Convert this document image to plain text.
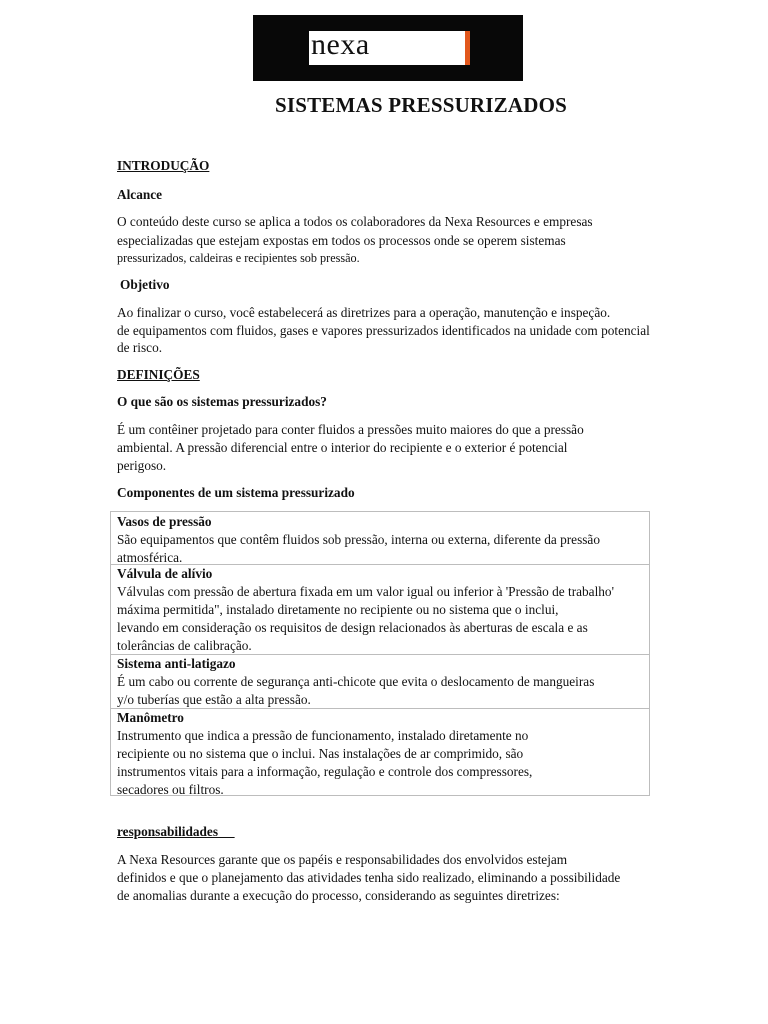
nexa
SISTEMAS PRESSURIZADOS
INTRODUÇÃO
Alcance
O conteúdo deste curso se aplica a todos os colaboradores da Nexa Resources e empresas
especializadas que estejam expostas em todos os processos onde se operem sistemas
pressurizados, caldeiras e recipientes sob pressão.
Objetivo
Ao finalizar o curso, você estabelecerá as diretrizes para a operação, manutenção e inspeção.
de equipamentos com fluidos, gases e vapores pressurizados identificados na unidade com potencial
de risco.
DEFINIÇÕES
O que são os sistemas pressurizados?
É um contêiner projetado para conter fluidos a pressões muito maiores do que a pressão
ambiental. A pressão diferencial entre o interior do recipiente e o exterior é potencial
perigoso.
Componentes de um sistema pressurizado
responsabilidades
A Nexa Resources garante que os papéis e responsabilidades dos envolvidos estejam
definidos e que o planejamento das atividades tenha sido realizado, eliminando a possibilidade
de anomalias durante a execução do processo, considerando as seguintes diretrizes:
Vasos de pressão
São equipamentos que contêm fluidos sob pressão, interna ou externa, diferente da pressão
atmosférica.
Válvula de alívio
Válvulas com pressão de abertura fixada em um valor igual ou inferior à 'Pressão de trabalho'
máxima permitida", instalado diretamente no recipiente ou no sistema que o inclui,
levando em consideração os requisitos de design relacionados às aberturas de escala e as
tolerâncias de calibração.
Sistema anti-latigazo
É um cabo ou corrente de segurança anti-chicote que evita o deslocamento de mangueiras
y/o tuberías que estão a alta pressão.
Manômetro
Instrumento que indica a pressão de funcionamento, instalado diretamente no
recipiente ou no sistema que o inclui. Nas instalações de ar comprimido, são
instrumentos vitais para a informação, regulação e controle dos compressores,
secadores ou filtros.
